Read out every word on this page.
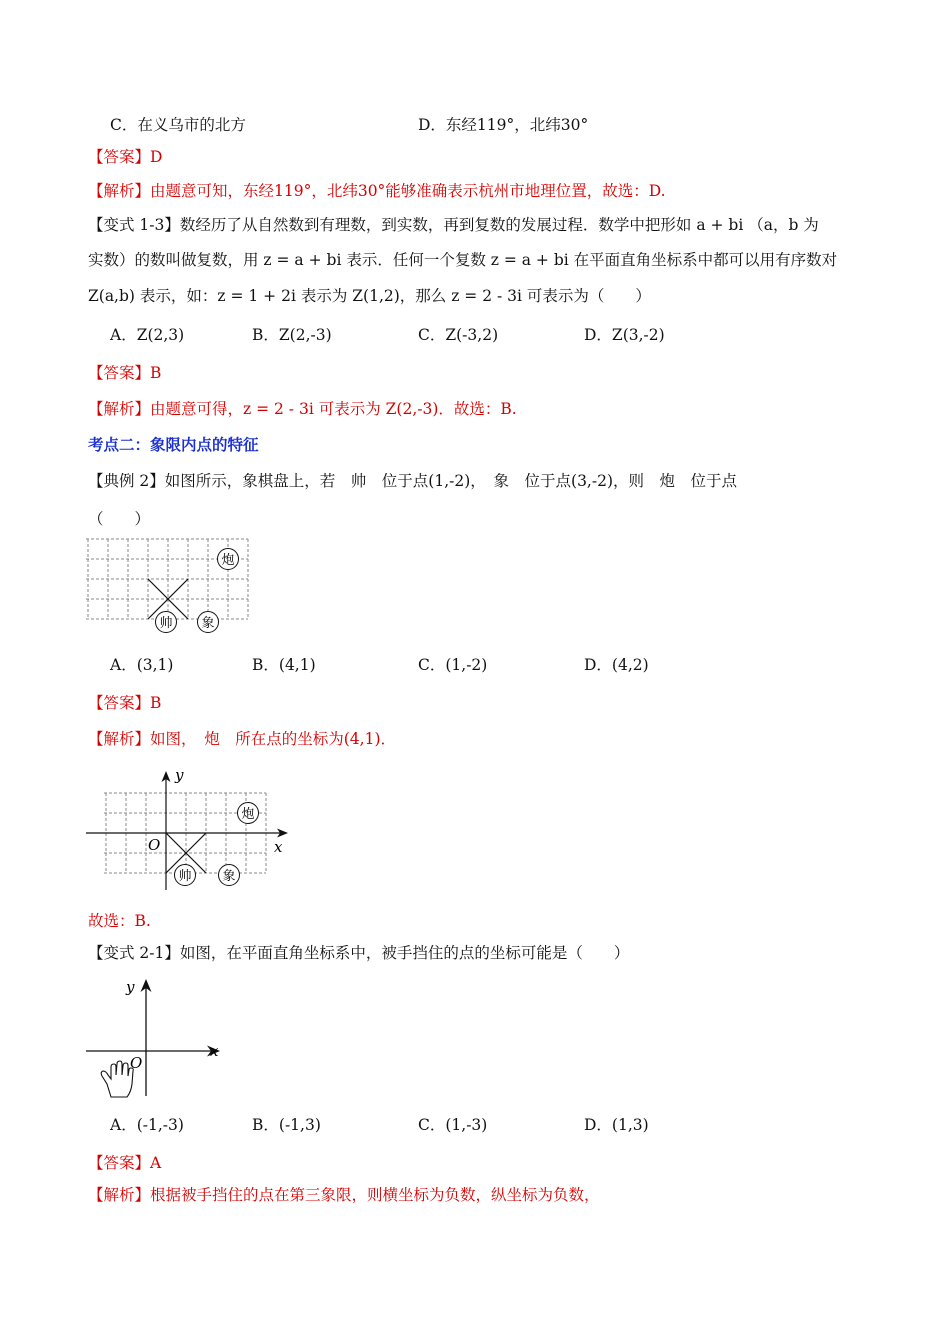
C．在义乌市的北方	D．东经119°，北纬30°
【答案】D
【解析】由题意可知，东经119°，北纬30°能够准确表示杭州市地理位置，故选：D.
【变式 1-3】数经历了从自然数到有理数，到实数，再到复数的发展过程．数学中把形如 a + bi （a，b 为
实数）的数叫做复数，用 z = a + bi 表示．任何一个复数 z = a + bi 在平面直角坐标系中都可以用有序数对
Z(a,b) 表示，如：z = 1 + 2i 表示为 Z(1,2)，那么 z = 2 - 3i 可表示为（　　）
A．Z(2,3)	B．Z(2,-3)	C．Z(-3,2)	D．Z(3,-2)
【答案】B
【解析】由题意可得，z = 2 - 3i 可表示为 Z(2,-3)．故选：B.
考点二：象限内点的特征
【典例 2】如图所示，象棋盘上，若　帅　位于点(1,-2)，　象　位于点(3,-2)，则　炮　位于点
（　　）
炮
帅 象
A．(3,1)	B．(4,1)	C．(1,-2)	D．(4,2)
【答案】B
【解析】如图，　炮　所在点的坐标为(4,1)．
x
y
O
炮
帅 象
故选：B.
【变式 2-1】如图，在平面直角坐标系中，被手挡住的点的坐标可能是（　　）
x
y
O
A．(-1,-3)	B．(-1,3)	C．(1,-3)	D．(1,3)
【答案】A
【解析】根据被手挡住的点在第三象限，则横坐标为负数，纵坐标为负数，
